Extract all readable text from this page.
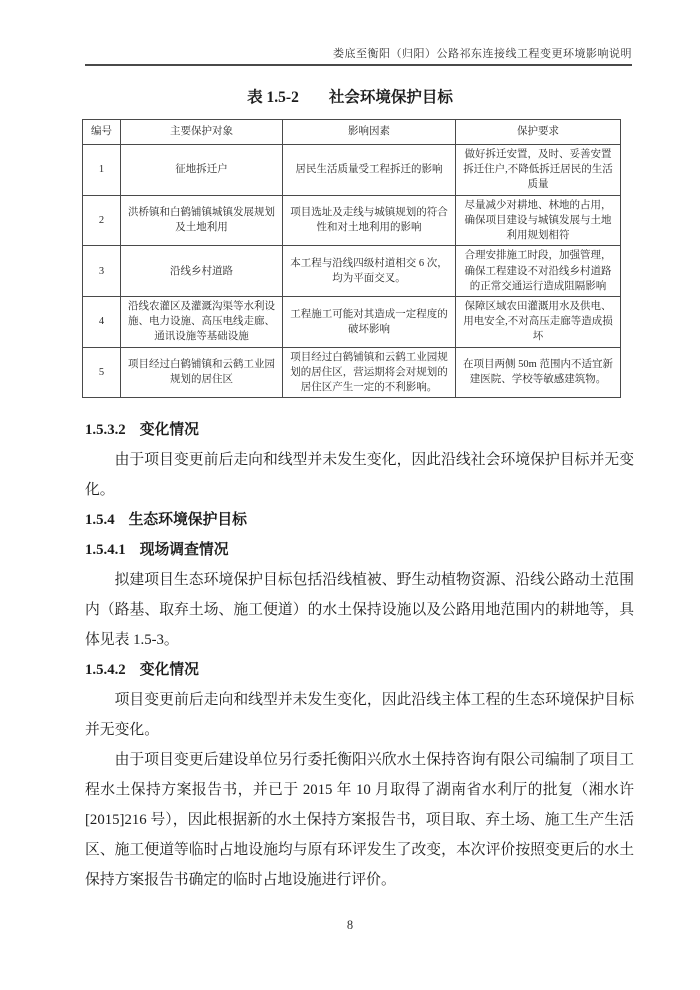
娄底至衡阳（归阳）公路祁东连接线工程变更环境影响说明
表 1.5-2 社会环境保护目标
编号	主要保护对象	影响因素	保护要求
1	征地拆迁户	居民生活质量受工程拆迁的影响	做好拆迁安置，及时、妥善安置拆迁住户,不降低拆迁居民的生活质量
2	洪桥镇和白鹤铺镇城镇发展规划及土地利用	项目选址及走线与城镇规划的符合性和对土地利用的影响	尽量减少对耕地、林地的占用，确保项目建设与城镇发展与土地利用规划相符
3	沿线乡村道路	本工程与沿线四级村道相交 6 次，均为平面交叉。	合理安排施工时段，加强管理，确保工程建设不对沿线乡村道路的正常交通运行造成阻隔影响
4	沿线农灌区及灌溉沟渠等水利设施、电力设施、高压电线走廊、通讯设施等基础设施	工程施工可能对其造成一定程度的破坏影响	保障区域农田灌溉用水及供电、用电安全,不对高压走廊等造成损坏
5	项目经过白鹤铺镇和云鹤工业园规划的居住区	项目经过白鹤铺镇和云鹤工业园规划的居住区，营运期将会对规划的居住区产生一定的不利影响。	在项目两侧 50m 范围内不适宜新建医院、学校等敏感建筑物。
1.5.3.2 变化情况
由于项目变更前后走向和线型并未发生变化，因此沿线社会环境保护目标并无变化。
1.5.4 生态环境保护目标
1.5.4.1 现场调查情况
拟建项目生态环境保护目标包括沿线植被、野生动植物资源、沿线公路动土范围内（路基、取弃土场、施工便道）的水土保持设施以及公路用地范围内的耕地等，具体见表 1.5-3。
1.5.4.2 变化情况
项目变更前后走向和线型并未发生变化，因此沿线主体工程的生态环境保护目标并无变化。
由于项目变更后建设单位另行委托衡阳兴欣水土保持咨询有限公司编制了项目工程水土保持方案报告书，并已于 2015 年 10 月取得了湖南省水利厅的批复（湘水许[2015]216 号），因此根据新的水土保持方案报告书，项目取、弃土场、施工生产生活区、施工便道等临时占地设施均与原有环评发生了改变，本次评价按照变更后的水土保持方案报告书确定的临时占地设施进行评价。
8
